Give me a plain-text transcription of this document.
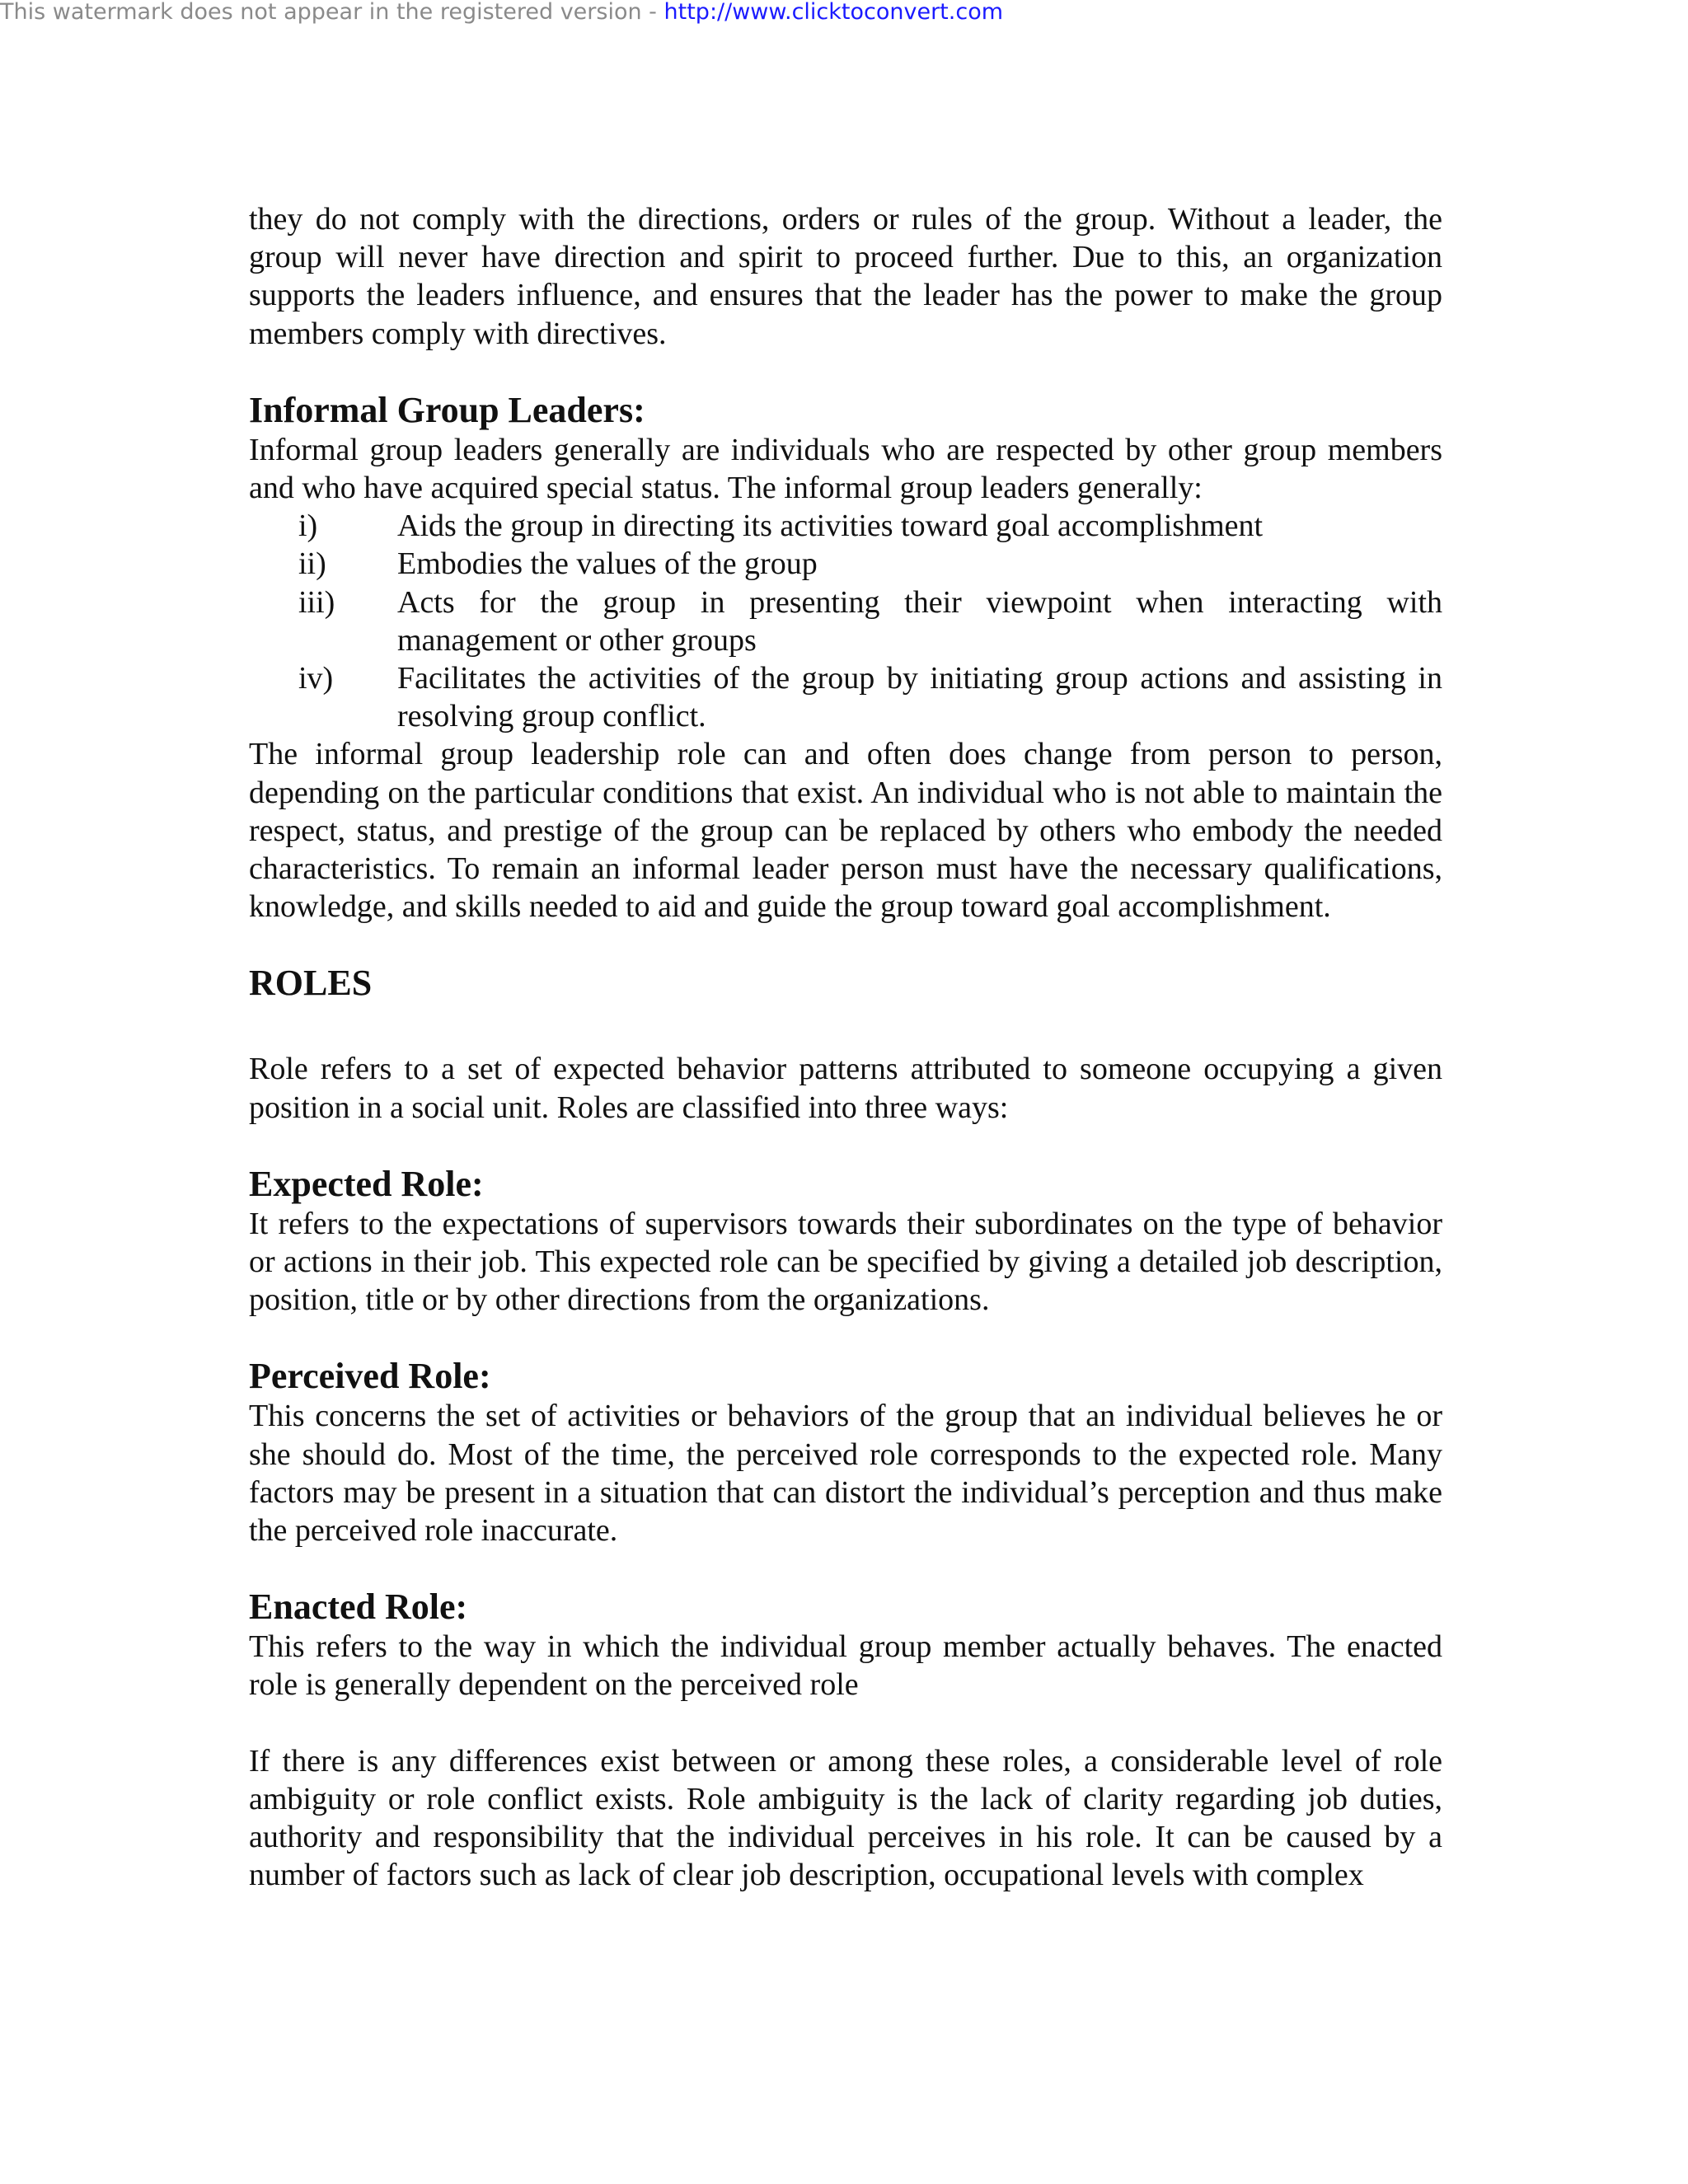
This watermark does not appear in the registered version - http://www.clicktoconvert.com

they do not comply with the directions, orders or rules of the group. Without a leader, the group will never have direction and spirit to proceed further. Due to this, an organization supports the leaders influence, and ensures that the leader has the power to make the group members comply with directives.

Informal Group Leaders:

Informal group leaders generally are individuals who are respected by other group members and who have acquired special status. The informal group leaders generally:

i)	Aids the group in directing its activities toward goal accomplishment
ii)	Embodies the values of the group
iii)	Acts for the group in presenting their viewpoint when interacting with management or other groups
iv)	Facilitates the activities of the group by initiating group actions and assisting in resolving group conflict.

The informal group leadership role can and often does change from person to person, depending on the particular conditions that exist. An individual who is not able to maintain the respect, status, and prestige of the group can be replaced by others who embody the needed characteristics. To remain an informal leader person must have the necessary qualifications, knowledge, and skills needed to aid and guide the group toward goal accomplishment.

ROLES

Role refers to a set of expected behavior patterns attributed to someone occupying a given position in a social unit. Roles are classified into three ways:

Expected Role:

It refers to the expectations of supervisors towards their subordinates on the type of behavior or actions in their job. This expected role can be specified by giving a detailed job description, position, title or by other directions from the organizations.

Perceived Role:

This concerns the set of activities or behaviors of the group that an individual believes he or she should do. Most of the time, the perceived role corresponds to the expected role. Many factors may be present in a situation that can distort the individual’s perception and thus make the perceived role inaccurate.

Enacted Role:

This refers to the way in which the individual group member actually behaves. The enacted role is generally dependent on the perceived role

If there is any differences exist between or among these roles, a considerable level of role ambiguity or role conflict exists. Role ambiguity is the lack of clarity regarding job duties, authority and responsibility that the individual perceives in his role. It can be caused by a number of factors such as lack of clear job description, occupational levels with complex
